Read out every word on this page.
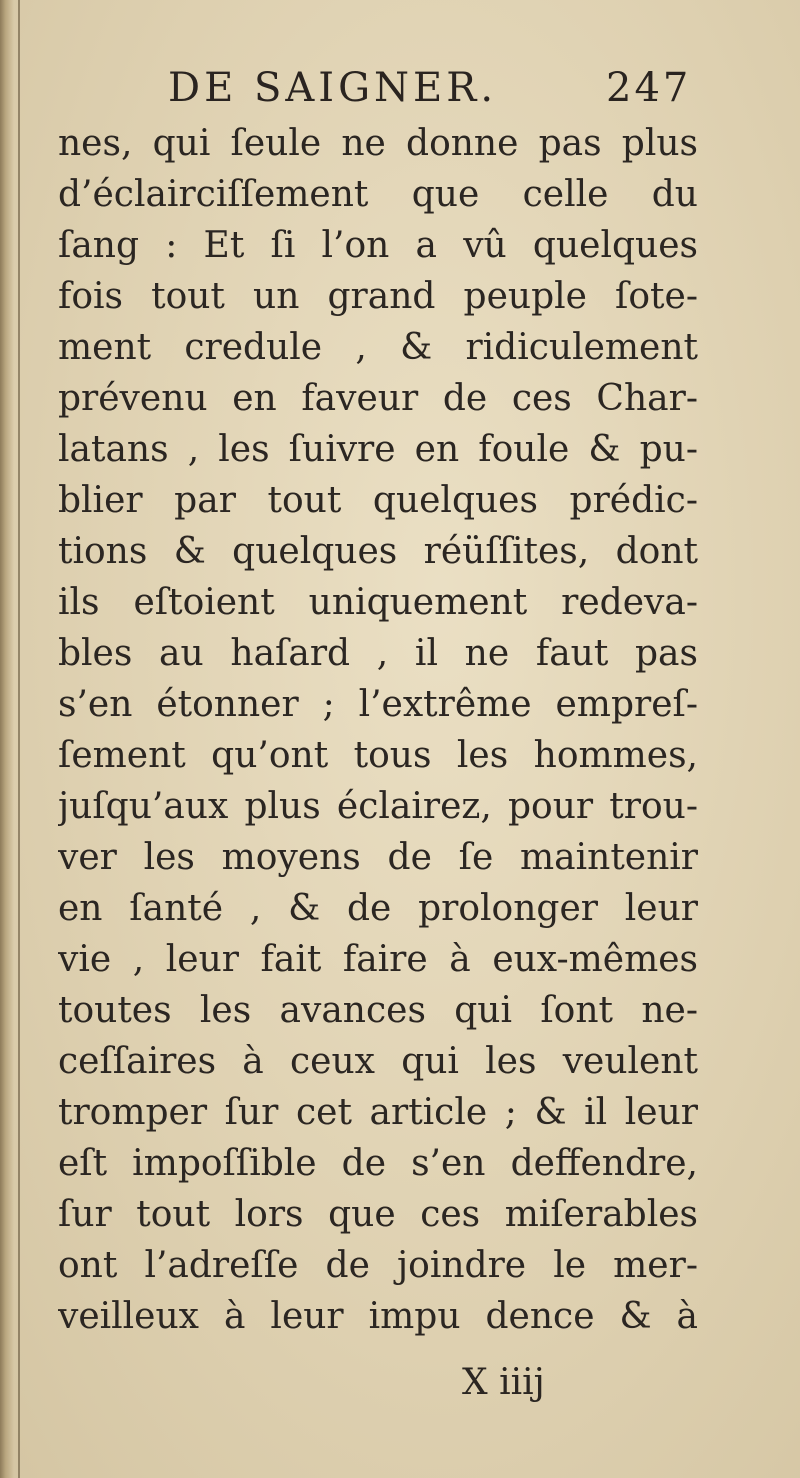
DE SAIGNER.	247
nes, qui ſeule ne donne pas plus
d’éclairciſſement que celle du
ſang : Et ſi l’on a vû quelques
fois tout un grand peuple ſote-
ment credule , & ridiculement
prévenu en faveur de ces Char-
latans , les ſuivre en foule & pu-
blier par tout quelques prédic-
tions & quelques réüſſites, dont
ils eſtoient uniquement redeva-
bles au haſard , il ne faut pas
s’en étonner ; l’extrême empreſ-
ſement qu’ont tous les hommes,
juſqu’aux plus éclairez, pour trou-
ver les moyens de ſe maintenir
en ſanté , & de prolonger leur
vie , leur fait faire à eux-mêmes
toutes les avances qui ſont ne-
ceſſaires à ceux qui les veulent
tromper ſur cet article ; & il leur
eſt impoſſible de s’en deffendre,
ſur tout lors que ces miſerables
ont l’adreſſe de joindre le mer-
veilleux à leur impu dence & à
X iiij
